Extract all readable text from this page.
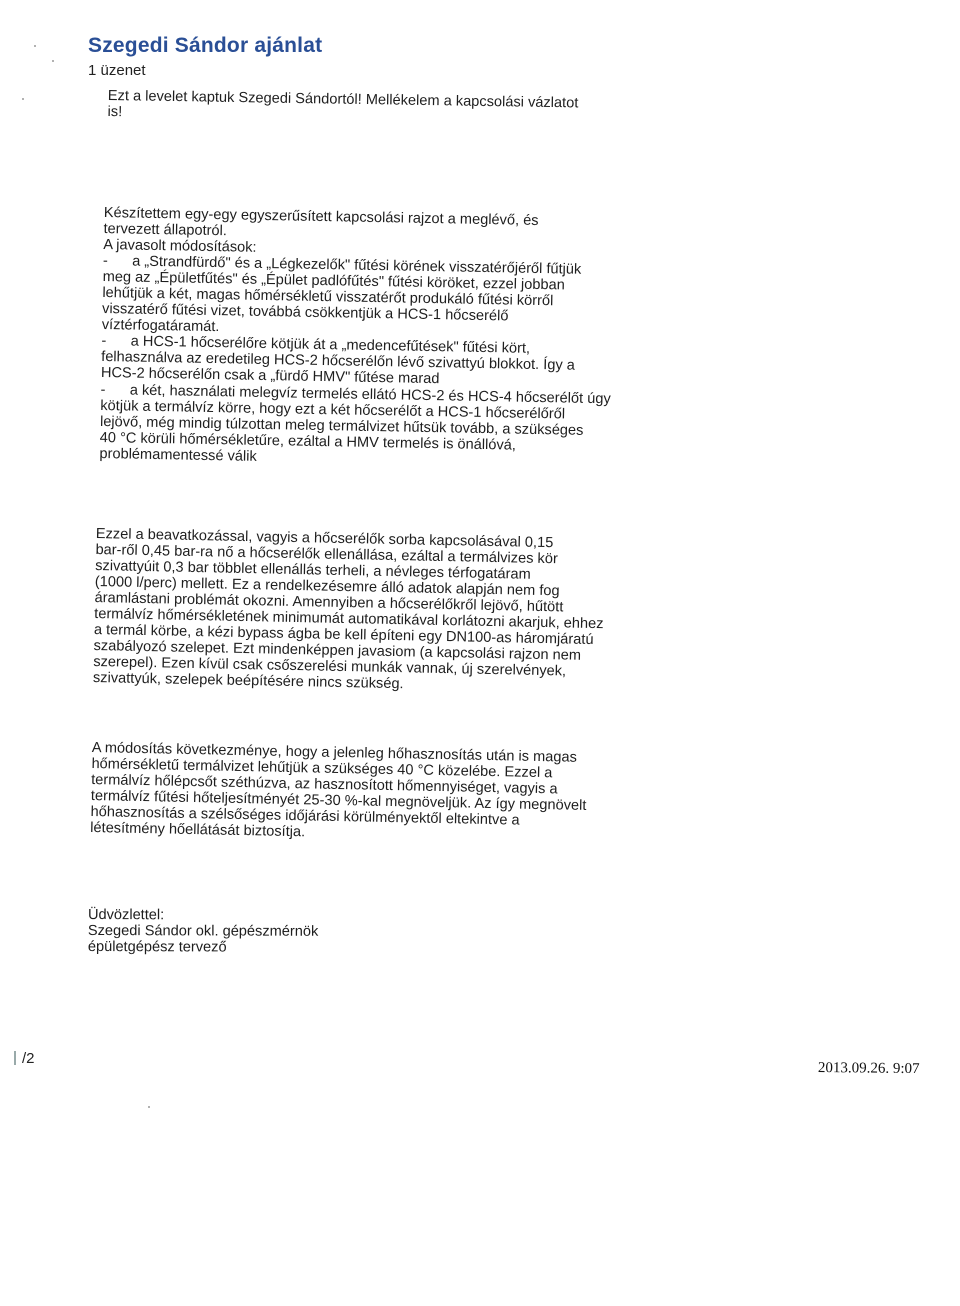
Szegedi Sándor ajánlat
1 üzenet
Ezt a levelet kaptuk Szegedi Sándortól! Mellékelem a kapcsolási vázlatot
is!
Készítettem egy-egy egyszerűsített kapcsolási rajzot a meglévő, és
tervezett állapotról.
A javasolt módosítások:
-      a „Strandfürdő" és a „Légkezelők" fűtési körének visszatérőjéről fűtjük
meg az „Épületfűtés" és „Épület padlófűtés" fűtési köröket, ezzel jobban
lehűtjük a két, magas hőmérsékletű visszatérőt produkáló fűtési körről
visszatérő fűtési vizet, továbbá csökkentjük a HCS-1 hőcserélő
víztérfogatáramát.
-      a HCS-1 hőcserélőre kötjük át a „medencefűtések" fűtési kört,
felhasználva az eredetileg HCS-2 hőcserélőn lévő szivattyú blokkot. Így a
HCS-2 hőcserélőn csak a „fürdő HMV" fűtése marad
-      a két, használati melegvíz termelés ellátó HCS-2 és HCS-4 hőcserélőt úgy
kötjük a termálvíz körre, hogy ezt a két hőcserélőt a HCS-1 hőcserélőről
lejövő, még mindig túlzottan meleg termálvizet hűtsük tovább, a szükséges
40 °C körüli hőmérsékletűre, ezáltal a HMV termelés is önállóvá,
problémamentessé válik
Ezzel a beavatkozással, vagyis a hőcserélők sorba kapcsolásával 0,15
bar-ről 0,45 bar-ra nő a hőcserélők ellenállása, ezáltal a termálvizes kör
szivattyúit 0,3 bar többlet ellenállás terheli, a névleges térfogatáram
(1000 l/perc) mellett. Ez a rendelkezésemre álló adatok alapján nem fog
áramlástani problémát okozni. Amennyiben a hőcserélőkről lejövő, hűtött
termálvíz hőmérsékletének minimumát automatikával korlátozni akarjuk, ehhez
a termál körbe, a kézi bypass ágba be kell építeni egy DN100-as háromjáratú
szabályozó szelepet. Ezt mindenképpen javasiom (a kapcsolási rajzon nem
szerepel). Ezen kívül csak csőszerelési munkák vannak, új szerelvények,
szivattyúk, szelepek beépítésére nincs szükség.
A módosítás következménye, hogy a jelenleg hőhasznosítás után is magas
hőmérsékletű termálvizet lehűtjük a szükséges 40 °C közelébe. Ezzel a
termálvíz hőlépcsőt széthúzva, az hasznosított hőmennyiséget, vagyis a
termálvíz fűtési hőteljesítményét 25-30 %-kal megnöveljük. Az így megnövelt
hőhasznosítás a szélsőséges időjárási körülményektől eltekintve a
létesítmény hőellátását biztosítja.
Üdvözlettel:
Szegedi Sándor okl. gépészmérnök
épületgépész tervező
/2
2013.09.26. 9:07
